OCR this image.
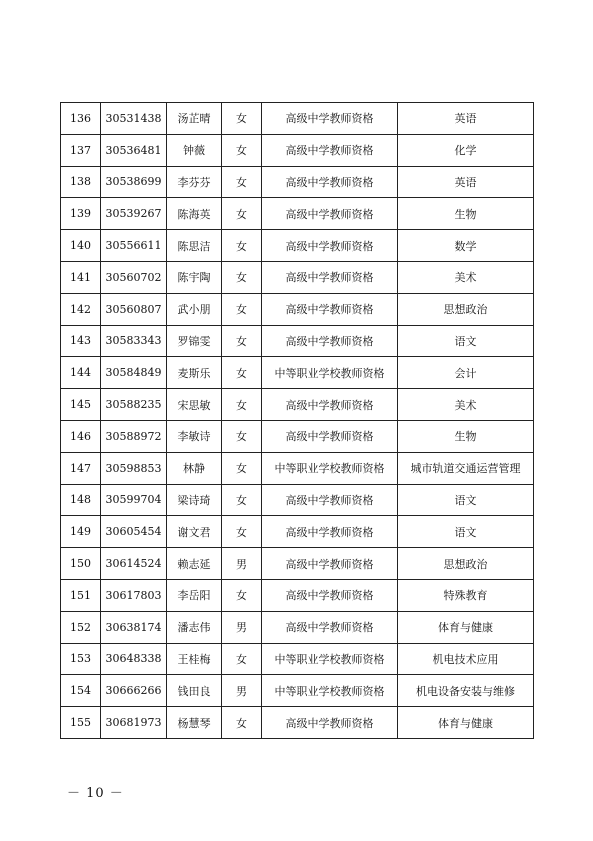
136	30531438	汤芷晴	女	高级中学教师资格	英语
137	30536481	钟薇	女	高级中学教师资格	化学
138	30538699	李芬芬	女	高级中学教师资格	英语
139	30539267	陈海英	女	高级中学教师资格	生物
140	30556611	陈思洁	女	高级中学教师资格	数学
141	30560702	陈宇陶	女	高级中学教师资格	美术
142	30560807	武小朋	女	高级中学教师资格	思想政治
143	30583343	罗锦雯	女	高级中学教师资格	语文
144	30584849	麦斯乐	女	中等职业学校教师资格	会计
145	30588235	宋思敏	女	高级中学教师资格	美术
146	30588972	李敏诗	女	高级中学教师资格	生物
147	30598853	林静	女	中等职业学校教师资格	城市轨道交通运营管理
148	30599704	梁诗琦	女	高级中学教师资格	语文
149	30605454	谢文君	女	高级中学教师资格	语文
150	30614524	赖志延	男	高级中学教师资格	思想政治
151	30617803	李岳阳	女	高级中学教师资格	特殊教育
152	30638174	潘志伟	男	高级中学教师资格	体育与健康
153	30648338	王桂梅	女	中等职业学校教师资格	机电技术应用
154	30666266	钱田良	男	中等职业学校教师资格	机电设备安装与维修
155	30681973	杨慧琴	女	高级中学教师资格	体育与健康
－ 10 －
